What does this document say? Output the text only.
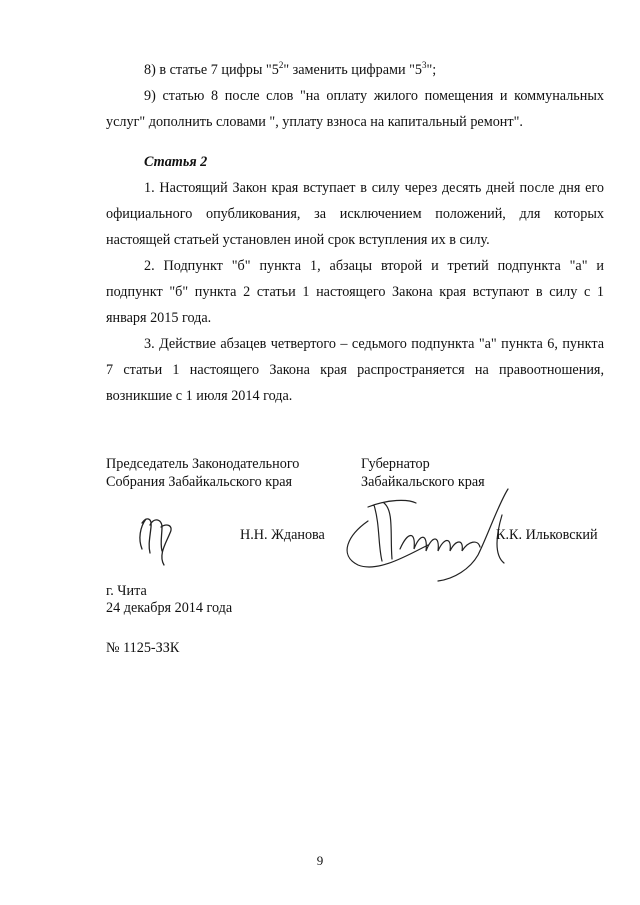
8) в статье 7 цифры "$5^2$" заменить цифрами "$5^3$";

9) статью 8 после слов "на оплату жилого помещения и коммунальных услуг" дополнить словами ", уплату взноса на капитальный ремонт".

Статья 2

1. Настоящий Закон края вступает в силу через десять дней после дня его официального опубликования, за исключением положений, для которых настоящей статьей установлен иной срок вступления их в силу.

2. Подпункт "б" пункта 1, абзацы второй и третий подпункта "а" и подпункт "б" пункта 2 статьи 1 настоящего Закона края вступают в силу с 1 января 2015 года.

3. Действие абзацев четвертого – седьмого подпункта "а" пункта 6, пункта 7 статьи 1 настоящего Закона края распространяется на правоотношения, возникшие с 1 июля 2014 года.

Председатель Законодательного
Собрания Забайкальского края
Губернатор
Забайкальского края
Н.Н. Жданова	К.К. Ильковский
г. Чита
24 декабря 2014 года
№ 1125-ЗЗК
9
